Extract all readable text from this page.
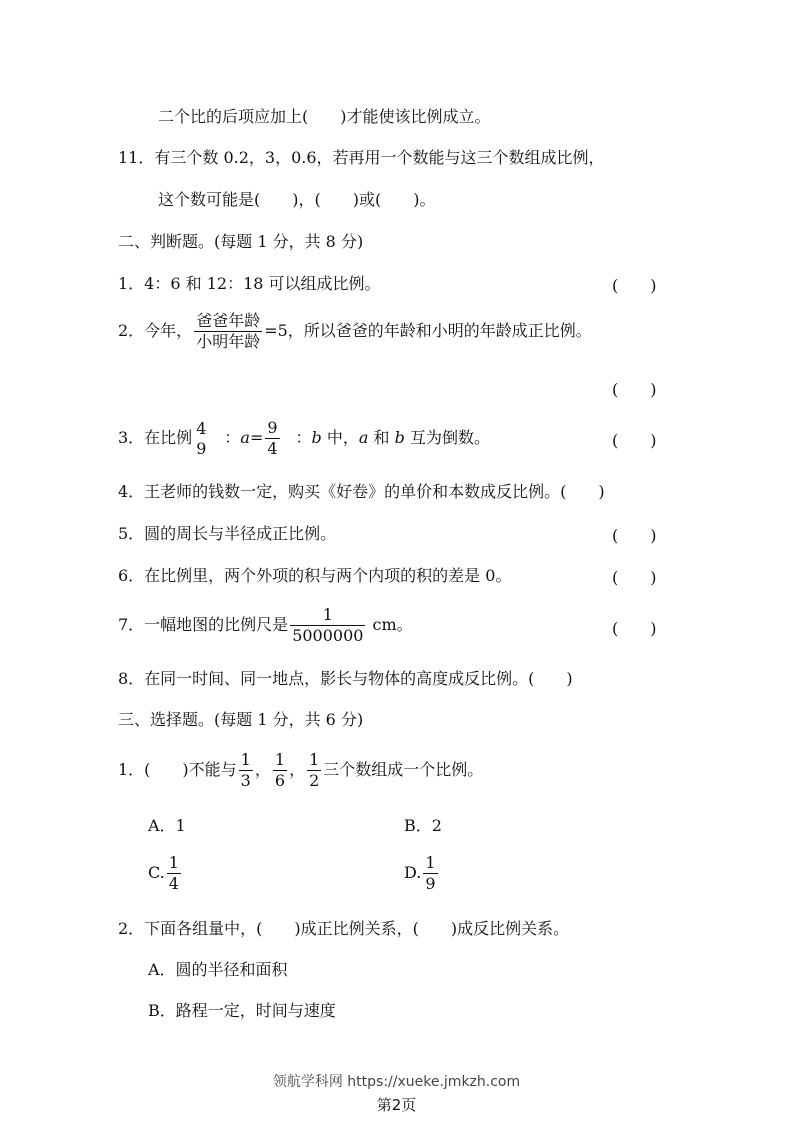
二个比的后项应加上(　　)才能使该比例成立。
11．有三个数 0.2，3，0.6，若再用一个数能与这三个数组成比例，
这个数可能是(　　)，(　　)或(　　)。
二、判断题。(每题 1 分，共 8 分)
1．4：6 和 12：18 可以组成比例。	(　　)
2．今年， $\frac{\text{爸爸年龄}}{\text{小明年龄}} =5$，所以爸爸的年龄和小明的年龄成正比例。
(　　)
3．在比例 4
9
：$a= \frac{9}{4}$ ：b 中，a 和 b 互为倒数。	(　　)
4．王老师的钱数一定，购买《好卷》的单价和本数成反比例。(　　)
5．圆的周长与半径成正比例。	(　　)
6．在比例里，两个外项的积与两个内项的积的差是 0。	(　　)
7．一幅地图的比例尺是 $\frac{1}{5000000}$ cm。	(　　)
8．在同一时间、同一地点，影长与物体的高度成反比例。(　　)
三、选择题。(每题 1 分，共 6 分)
1．(　　)不能与 $\frac{1}{3}$ ， $\frac{1}{6}$ ， $\frac{1}{2}$ 三个数组成一个比例。
A．1	B．2
C. $\frac{1}{4}$	D. $\frac{1}{9}$
2．下面各组量中，(　　)成正比例关系，(　　)成反比例关系。
A．圆的半径和面积
B．路程一定，时间与速度
领航学科网 https://xueke.jmkzh.com
第2页
